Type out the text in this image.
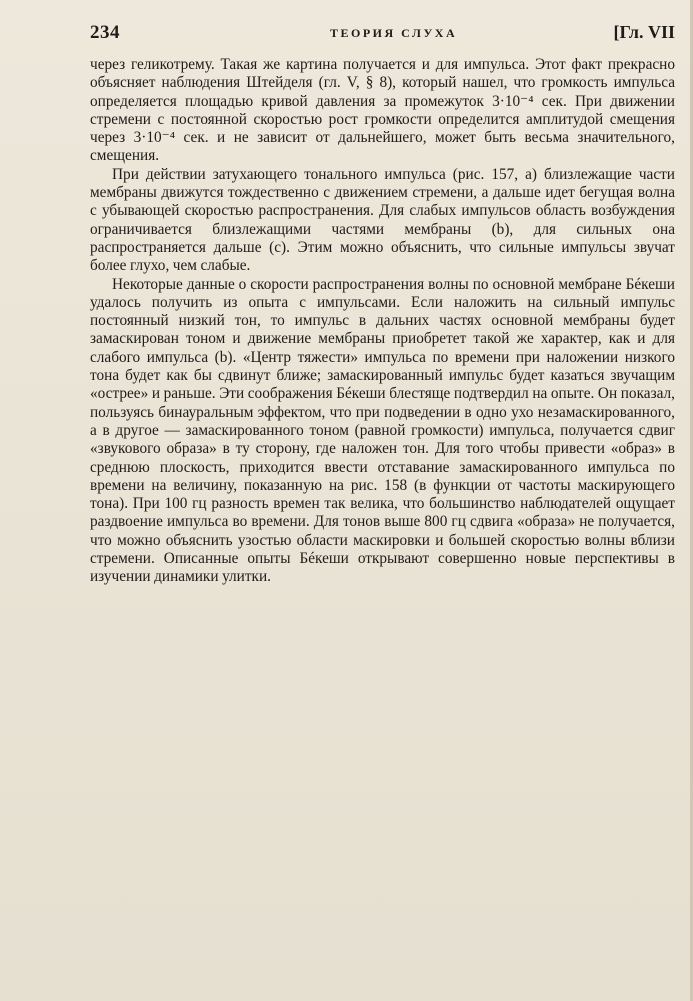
234	ТЕОРИЯ СЛУХА	[Гл. VII

через геликотрему. Такая же картина получается и для импульса. Этот факт прекрасно объясняет наблюдения Штейделя (гл. V, § 8), который нашел, что громкость импульса определяется площадью кривой давления за промежуток 3·10⁻⁴ сек. При движении стремени с постоянной скоростью рост громкости определится амплитудой смещения через 3·10⁻⁴ сек. и не зависит от дальнейшего, может быть весьма значительного, смещения.

При действии затухающего тонального импульса (рис. 157, a) близлежащие части мембраны движутся тождественно с движением стремени, а дальше идет бегущая волна с убывающей скоростью распространения. Для слабых импульсов область возбуждения ограничивается близлежащими частями мембраны (b), для сильных она распространяется дальше (c). Этим можно объяснить, что сильные импульсы звучат более глухо, чем слабые.

Некоторые данные о скорости распространения волны по основной мембране Бéкеши удалось получить из опыта с импульсами. Если наложить на сильный импульс постоянный низкий тон, то импульс в дальних частях основной мембраны будет замаскирован тоном и движение мембраны приобретет такой же характер, как и для слабого импульса (b). «Центр тяжести» импульса по времени при наложении низкого тона будет как бы сдвинут ближе; замаскированный импульс будет казаться звучащим «острее» и раньше. Эти соображения Бéкеши блестяще подтвердил на опыте. Он показал, пользуясь бинауральным эффектом, что при подведении в одно ухо незамаскированного, а в другое — замаскированного тоном (равной громкости) импульса, получается сдвиг «звукового образа» в ту сторону, где наложен тон. Для того чтобы привести «образ» в среднюю плоскость, приходится ввести отставание замаскированного импульса по времени на величину, показанную на рис. 158 (в функции от частоты маскирующего тона). При 100 гц разность времен так велика, что большинство наблюдателей ощущает раздвоение импульса во времени. Для тонов выше 800 гц сдвига «образа» не получается, что можно объяснить узостью области маскировки и большей скоростью волны вблизи стремени. Описанные опыты Бéкеши открывают совершенно новые перспективы в изучении динамики улитки.
